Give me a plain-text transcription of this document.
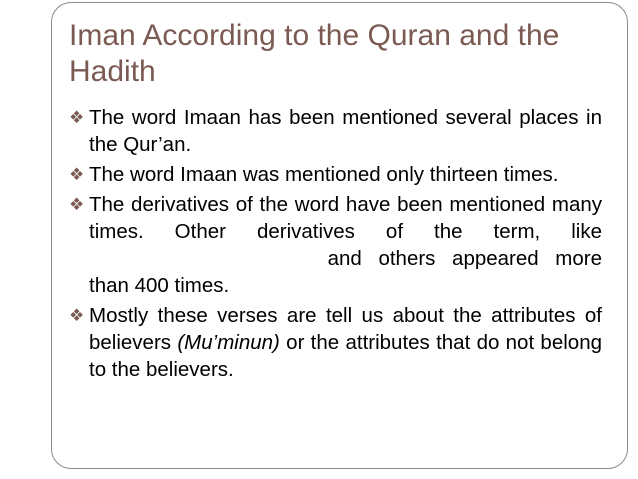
Iman According to the Quran and the Hadith
❖ The word Imaan has been mentioned several places in the Qur’an.
❖ The word Imaan was mentioned only thirteen times.
❖ The derivatives of the word have been mentioned many times. Other derivatives of the term, like  and others appeared more than 400 times.
❖ Mostly these verses are tell us about the attributes of believers (Mu’minun) or the attributes that do not belong to the believers.
